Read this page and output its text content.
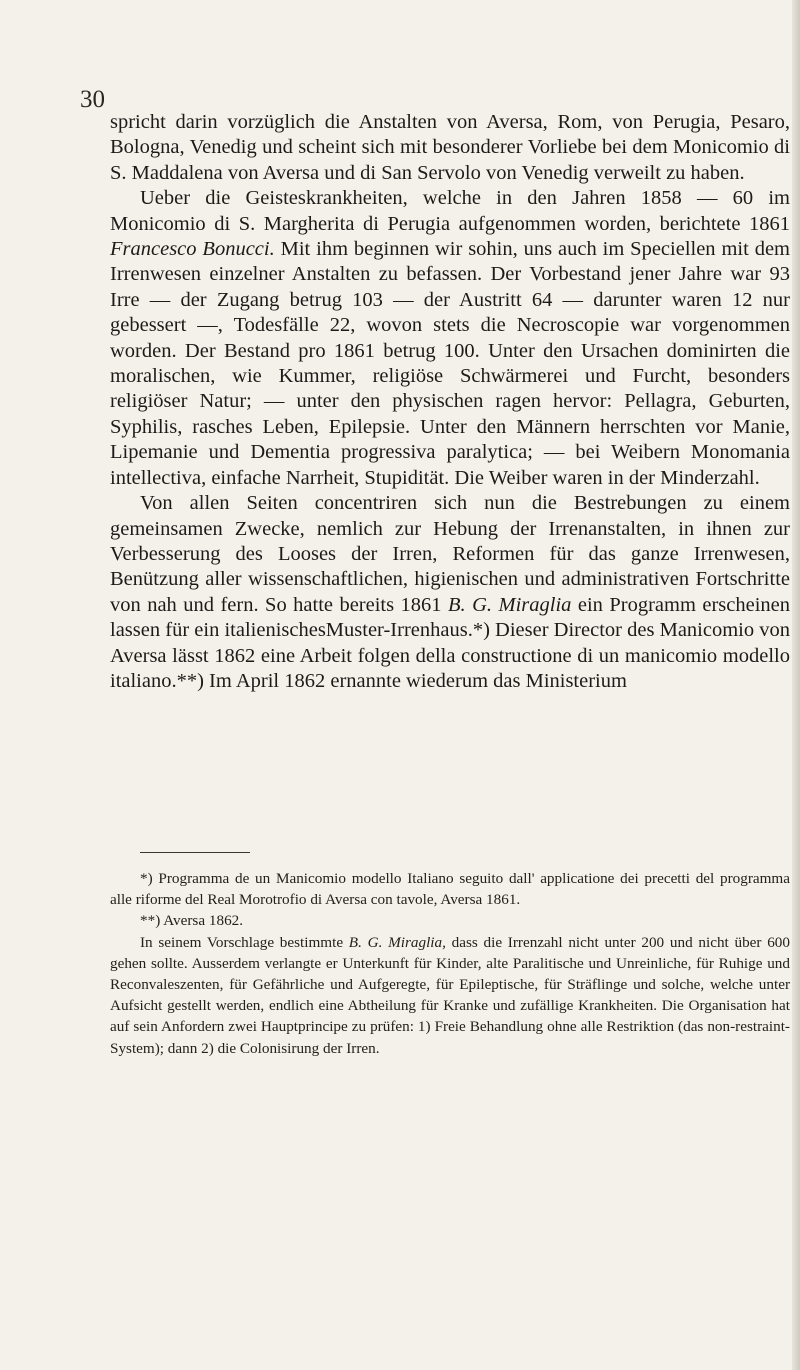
30

spricht darin vorzüglich die Anstalten von Aversa, Rom, von Perugia, Pesaro, Bologna, Venedig und scheint sich mit besonderer Vorliebe bei dem Monicomio di S. Maddalena von Aversa und di San Servolo von Venedig verweilt zu haben.

Ueber die Geisteskrankheiten, welche in den Jahren 1858 — 60 im Monicomio di S. Margherita di Perugia aufgenommen worden, berichtete 1861 Francesco Bonucci. Mit ihm beginnen wir sohin, uns auch im Speciellen mit dem Irrenwesen einzelner Anstalten zu befassen. Der Vorbestand jener Jahre war 93 Irre — der Zugang betrug 103 — der Austritt 64 — darunter waren 12 nur gebessert —, Todesfälle 22, wovon stets die Necroscopie war vorgenommen worden. Der Bestand pro 1861 betrug 100. Unter den Ursachen dominirten die moralischen, wie Kummer, religiöse Schwärmerei und Furcht, besonders religiöser Natur; — unter den physischen ragen hervor: Pellagra, Geburten, Syphilis, rasches Leben, Epilepsie. Unter den Männern herrschten vor Manie, Lipemanie und Dementia progressiva paralytica; — bei Weibern Monomania intellectiva, einfache Narrheit, Stupidität. Die Weiber waren in der Minderzahl.

Von allen Seiten concentriren sich nun die Bestrebungen zu einem gemeinsamen Zwecke, nemlich zur Hebung der Irrenanstalten, in ihnen zur Verbesserung des Looses der Irren, Reformen für das ganze Irrenwesen, Benützung aller wissenschaftlichen, higienischen und administrativen Fortschritte von nah und fern. So hatte bereits 1861 B. G. Miraglia ein Programm erscheinen lassen für ein italienischesMuster-Irrenhaus.*) Dieser Director des Manicomio von Aversa lässt 1862 eine Arbeit folgen della constructione di un manicomio modello italiano.**) Im April 1862 ernannte wiederum das Ministerium

*) Programma de un Manicomio modello Italiano seguito dall' applicatione dei precetti del programma alle riforme del Real Morotrofio di Aversa con tavole, Aversa 1861.

**) Aversa 1862.

In seinem Vorschlage bestimmte B. G. Miraglia, dass die Irrenzahl nicht unter 200 und nicht über 600 gehen sollte. Ausserdem verlangte er Unterkunft für Kinder, alte Paralitische und Unreinliche, für Ruhige und Reconvaleszenten, für Gefährliche und Aufgeregte, für Epileptische, für Sträflinge und solche, welche unter Aufsicht gestellt werden, endlich eine Abtheilung für Kranke und zufällige Krankheiten. Die Organisation hat auf sein Anfordern zwei Hauptprincipe zu prüfen: 1) Freie Behandlung ohne alle Restriktion (das non-restraint-System); dann 2) die Colonisirung der Irren.
